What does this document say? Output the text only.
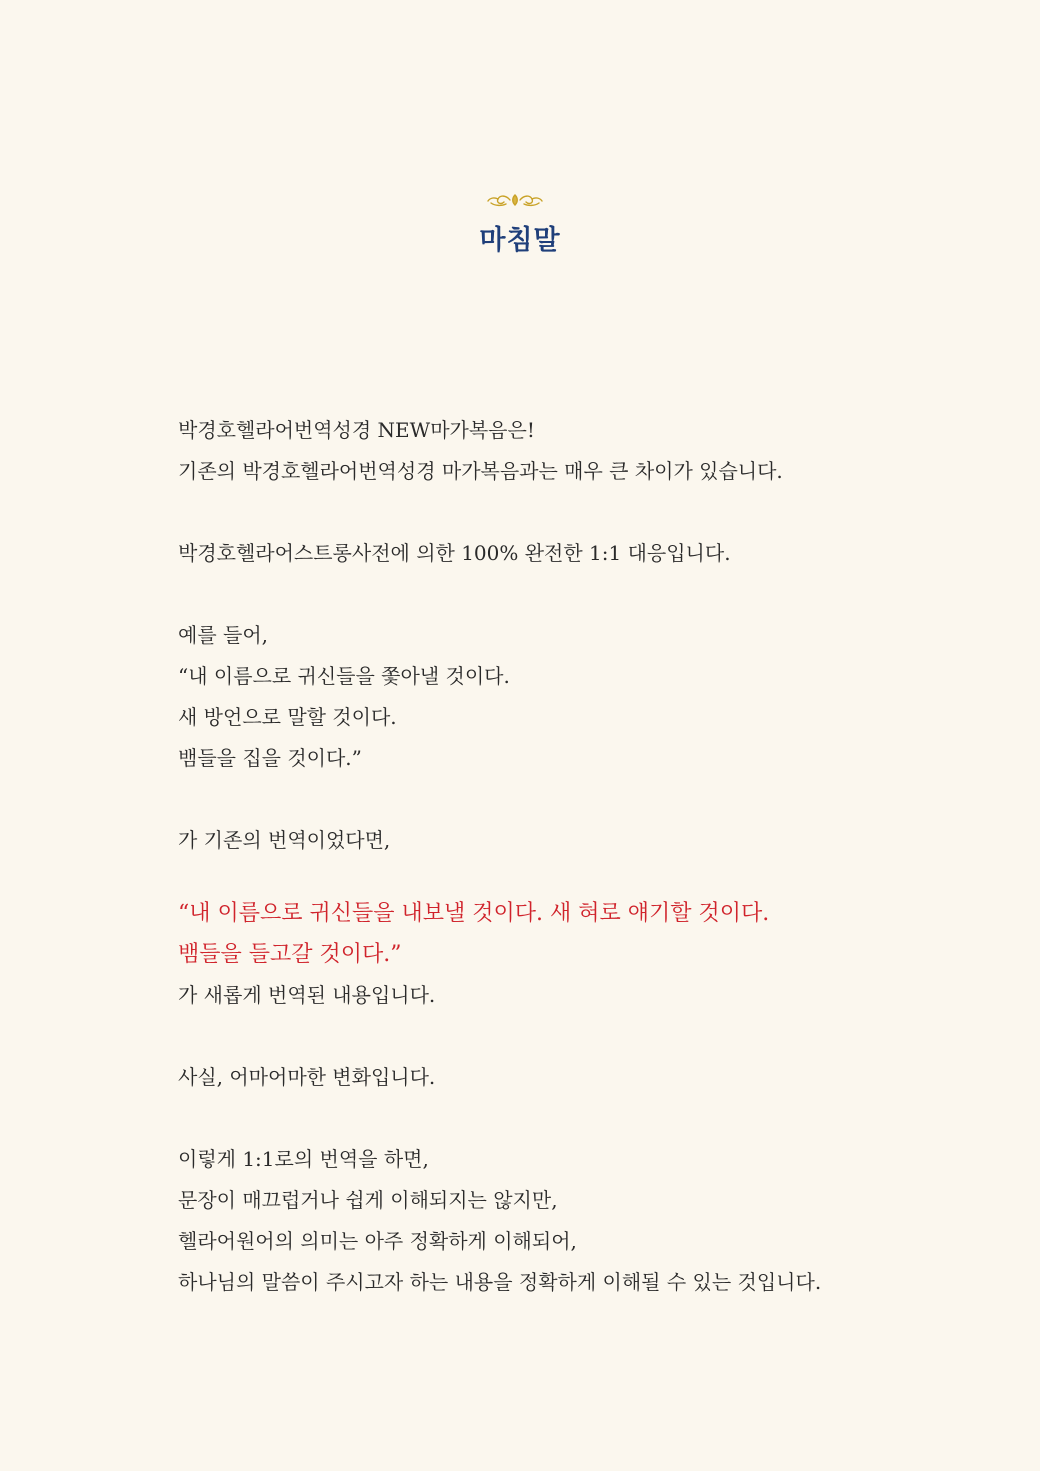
마침말
박경호헬라어번역성경 NEW마가복음은!
기존의 박경호헬라어번역성경 마가복음과는 매우 큰 차이가 있습니다.
박경호헬라어스트롱사전에 의한 100% 완전한 1:1 대응입니다.
예를 들어,
“내 이름으로 귀신들을 쫓아낼 것이다.
새 방언으로 말할 것이다.
뱀들을 집을 것이다.”
가 기존의 번역이었다면,
“내 이름으로 귀신들을 내보낼 것이다. 새 혀로 얘기할 것이다.
뱀들을 들고갈 것이다.”
가 새롭게 번역된 내용입니다.
사실, 어마어마한 변화입니다.
이렇게 1:1로의 번역을 하면,
문장이 매끄럽거나 쉽게 이해되지는 않지만,
헬라어원어의 의미는 아주 정확하게 이해되어,
하나님의 말씀이 주시고자 하는 내용을 정확하게 이해될 수 있는 것입니다.
